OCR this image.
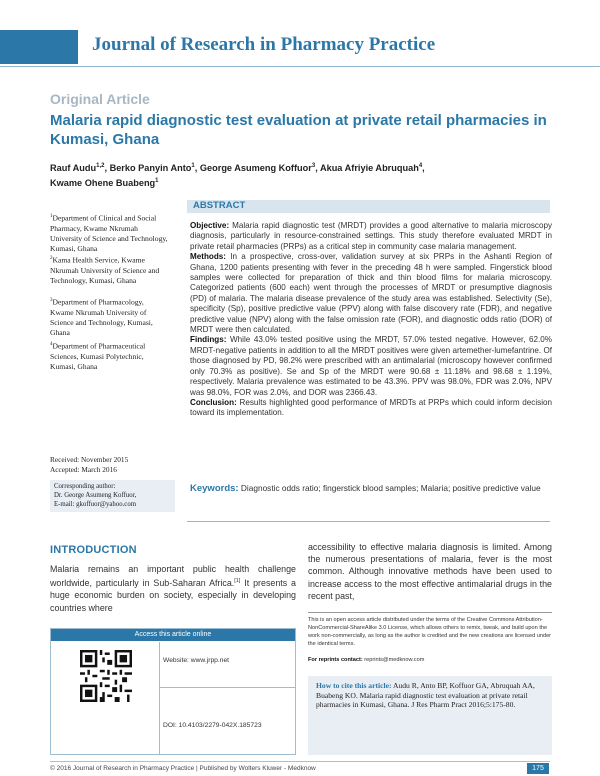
Journal of Research in Pharmacy Practice
Original Article
Malaria rapid diagnostic test evaluation at private retail pharmacies in Kumasi, Ghana
Rauf Audu$^{1,2}$, Berko Panyin Anto$^1$, George Asumeng Koffuor$^3$, Akua Afriyie Abruquah$^4$,
Kwame Ohene Buabeng$^1$
$^1$Department of Clinical and Social Pharmacy, Kwame Nkrumah University of Science and Technology, Kumasi, Ghana
$^2$Kama Health Service, Kwame Nkrumah University of Science and Technology, Kumasi, Ghana
$^3$Department of Pharmacology, Kwame Nkrumah University of Science and Technology, Kumasi, Ghana
$^4$Department of Pharmaceutical Sciences, Kumasi Polytechnic, Kumasi, Ghana
Received: November 2015
Accepted: March 2016
Corresponding author:
Dr. George Asumeng Koffuor,
E-mail: gkoffuor@yahoo.com
ABSTRACT

Objective: Malaria rapid diagnostic test (MRDT) provides a good alternative to malaria microscopy diagnosis, particularly in resource-constrained settings. This study therefore evaluated MRDT in private retail pharmacies (PRPs) as a critical step in community case malaria management.

Methods: In a prospective, cross-over, validation survey at six PRPs in the Ashanti Region of Ghana, 1200 patients presenting with fever in the preceding 48 h were sampled. Fingerstick blood samples were collected for preparation of thick and thin blood films for malaria microscopy. Categorized patients (600 each) went through the processes of MRDT or presumptive diagnosis (PD) of malaria. The malaria disease prevalence of the study area was established. Selectivity (Se), specificity (Sp), positive predictive value (PPV) along with false discovery rate (FDR), and negative predictive value (NPV) along with the false omission rate (FOR), and diagnostic odds ratio (DOR) of MRDT were then calculated.

Findings: While 43.0% tested positive using the MRDT, 57.0% tested negative. However, 62.0% MRDT-negative patients in addition to all the MRDT positives were given artemether-lumefantrine. Of those diagnosed by PD, 98.2% were prescribed with an antimalarial (microscopy however confirmed only 70.3% as positive). Se and Sp of the MRDT were 90.68 ± 11.18% and 98.68 ± 1.19%, respectively. Malaria prevalence was estimated to be 43.3%. PPV was 98.0%, FDR was 2.0%, NPV was 98.0%, FOR was 2.0%, and DOR was 2366.43.

Conclusion: Results highlighted good performance of MRDTs at PRPs which could inform decision toward its implementation.

Keywords: Diagnostic odds ratio; fingerstick blood samples; Malaria; positive predictive value
INTRODUCTION
Malaria remains an important public health challenge worldwide, particularly in Sub-Saharan Africa.[1] It presents a huge economic burden on society, especially in developing countries where
accessibility to effective malaria diagnosis is limited. Among the numerous presentations of malaria, fever is the most common. Although innovative methods have been used to increase access to the most effective antimalarial drugs in the recent past,
Access this article online
Website: www.jrpp.net
DOI: 10.4103/2279-042X.185723
This is an open access article distributed under the terms of the Creative Commons Attribution-NonCommercial-ShareAlike 3.0 License, which allows others to remix, tweak, and build upon the work non-commercially, as long as the author is credited and the new creations are licensed under the identical terms.
For reprints contact: reprints@medknow.com
How to cite this article: Audu R, Anto BP, Koffuor GA, Abruquah AA, Buabeng KO. Malaria rapid diagnostic test evaluation at private retail pharmacies in Kumasi, Ghana. J Res Pharm Pract 2016;5:175-80.
© 2016 Journal of Research in Pharmacy Practice | Published by Wolters Kluwer - Medknow	175
